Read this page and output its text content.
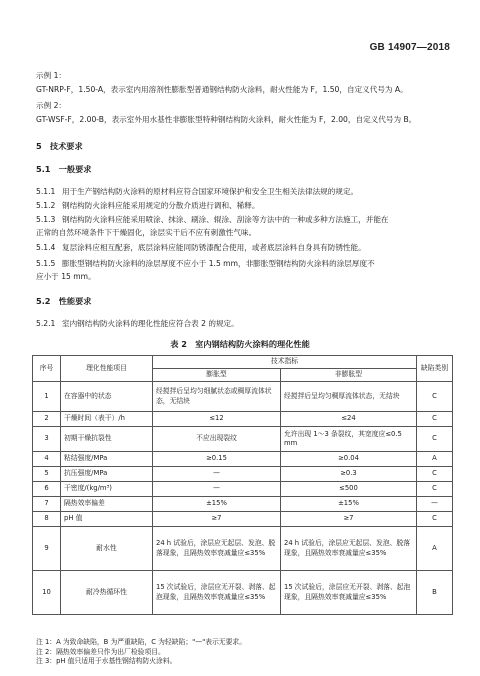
GB 14907—2018
示例 1：
GT-NRP-F，1.50-A，表示室内用溶剂性膨胀型普通钢结构防火涂料，耐火性能为 F，1.50，自定义代号为 A。
示例 2：
GT-WSF-F，2.00-B，表示室外用水基性非膨胀型特种钢结构防火涂料，耐火性能为 F，2.00，自定义代号为 B。
5　 技术要求
5.1　 一般要求
5.1.1 用于生产钢结构防火涂料的原材料应符合国家环境保护和安全卫生相关法律法规的规定。
5.1.2 钢结构防火涂料应能采用规定的分散介质进行调和、稀释。
5.1.3 钢结构防火涂料应能采用喷涂、抹涂、刷涂、辊涂、刮涂等方法中的一种或多种方法施工，并能在
正常的自然环境条件下干燥固化，涂层实干后不应有刺激性气味。
5.1.4 复层涂料应相互配套，底层涂料应能同防锈漆配合使用，或者底层涂料自身具有防锈性能。
5.1.5 膨胀型钢结构防火涂料的涂层厚度不应小于 1.5 mm，非膨胀型钢结构防火涂料的涂层厚度不
应小于 15 mm。
5.2　 性能要求
5.2.1 室内钢结构防火涂料的理化性能应符合表 2 的规定。
表 2　室内钢结构防火涂料的理化性能
序号	理化性能项目	技术指标		缺陷类别
		膨胀型	非膨胀型	
1	在容器中的状态	经搅拌后呈均匀细腻状态或稠厚流体状态，无结块	经搅拌后呈均匀稠厚流体状态，无结块	C
2	干燥时间（表干）/h	≤12	≤24	C
3	初期干燥抗裂性	不应出现裂纹	允许出现 1～3 条裂纹，其宽度应≤0.5 mm	C
4	粘结强度/MPa	≥0.15	≥0.04	A
5	抗压强度/MPa	—	≥0.3	C
6	干密度/(kg/m³)	—	≤500	C
7	隔热效率偏差	±15%	±15%	—
8	pH 值	≥7	≥7	C
9	耐水性	24 h 试验后，涂层应无起层、发泡、脱落现象，且隔热效率衰减量应≤35%	24 h 试验后，涂层应无起层、发泡、脱落现象，且隔热效率衰减量应≤35%	A
10	耐冷热循环性	15 次试验后，涂层应无开裂、剥落、起泡现象，且隔热效率衰减量应≤35%	15 次试验后，涂层应无开裂、剥落、起泡现象，且隔热效率衰减量应≤35%	B
注 1：A 为致命缺陷，B 为严重缺陷，C 为轻缺陷；"—"表示无要求。
注 2：隔热效率偏差只作为出厂检验项目。
注 3：pH 值只适用于水基性钢结构防火涂料。
